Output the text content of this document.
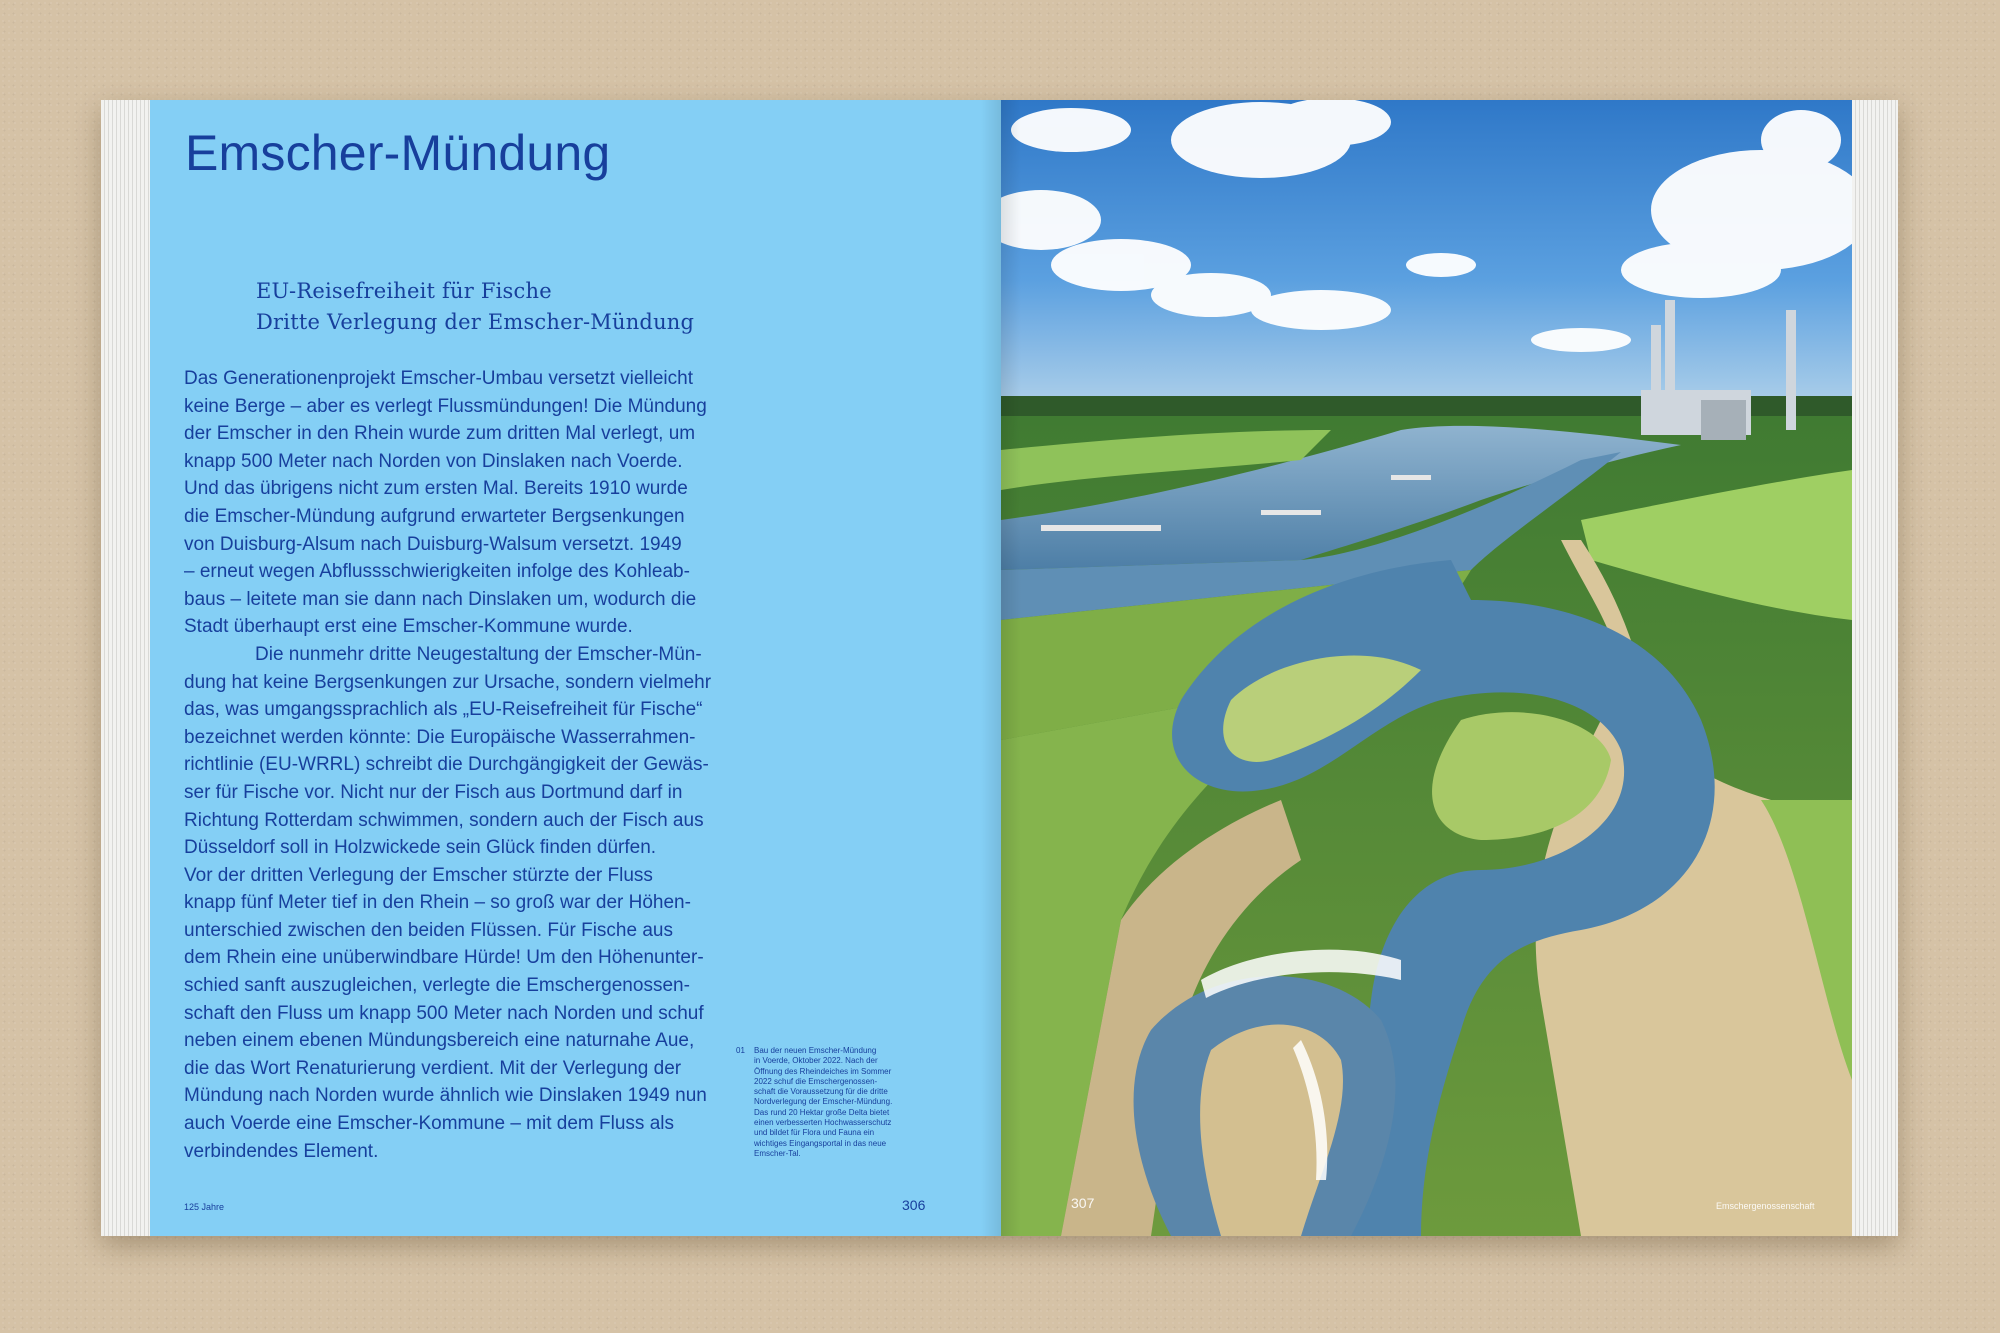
Emscher-Mündung
EU-Reisefreiheit für Fische
Dritte Verlegung der Emscher-Mündung
Das Generationenprojekt Emscher-Umbau versetzt vielleicht
keine Berge – aber es verlegt Flussmündungen! Die Mündung
der Emscher in den Rhein wurde zum dritten Mal verlegt, um
knapp 500 Meter nach Norden von Dinslaken nach Voerde.
Und das übrigens nicht zum ersten Mal. Bereits 1910 wurde
die Emscher-Mündung aufgrund erwarteter Bergsenkungen
von Duisburg-Alsum nach Duisburg-Walsum versetzt. 1949
– erneut wegen Abflussschwierigkeiten infolge des Kohleab-
baus – leitete man sie dann nach Dinslaken um, wodurch die
Stadt überhaupt erst eine Emscher-Kommune wurde.
Die nunmehr dritte Neugestaltung der Emscher-Mün-
dung hat keine Bergsenkungen zur Ursache, sondern vielmehr
das, was umgangssprachlich als „EU-Reisefreiheit für Fische“
bezeichnet werden könnte: Die Europäische Wasserrahmen-
richtlinie (EU-WRRL) schreibt die Durchgängigkeit der Gewäs-
ser für Fische vor. Nicht nur der Fisch aus Dortmund darf in
Richtung Rotterdam schwimmen, sondern auch der Fisch aus
Düsseldorf soll in Holzwickede sein Glück finden dürfen.
Vor der dritten Verlegung der Emscher stürzte der Fluss
knapp fünf Meter tief in den Rhein – so groß war der Höhen-
unterschied zwischen den beiden Flüssen. Für Fische aus
dem Rhein eine unüberwindbare Hürde! Um den Höhenunter-
schied sanft auszugleichen, verlegte die Emschergenossen-
schaft den Fluss um knapp 500 Meter nach Norden und schuf
neben einem ebenen Mündungsbereich eine naturnahe Aue,
die das Wort Renaturierung verdient. Mit der Verlegung der
Mündung nach Norden wurde ähnlich wie Dinslaken 1949 nun
auch Voerde eine Emscher-Kommune – mit dem Fluss als
verbindendes Element.
01 Bau der neuen Emscher-Mündung
in Voerde, Oktober 2022. Nach der
Öffnung des Rheindeiches im Sommer
2022 schuf die Emschergenossen-
schaft die Voraussetzung für die dritte
Nordverlegung der Emscher-Mündung.
Das rund 20 Hektar große Delta bietet
einen verbesserten Hochwasserschutz
und bildet für Flora und Fauna ein
wichtiges Eingangsportal in das neue
Emscher-Tal.
125 Jahre	306	307	Emschergenossenschaft
